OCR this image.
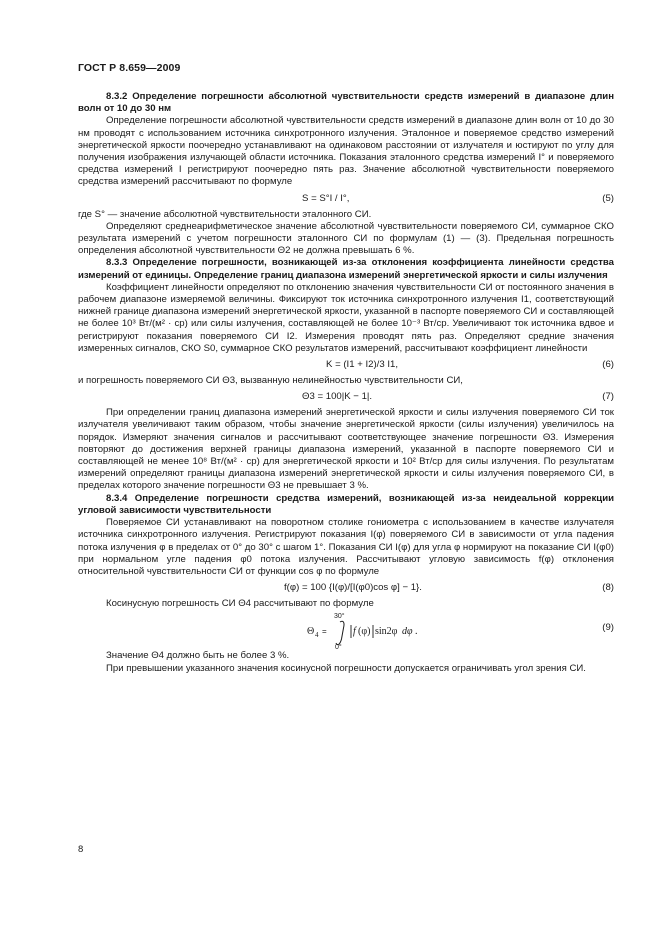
ГОСТ Р 8.659—2009

8.3.2 Определение погрешности абсолютной чувствительности средств измерений в диапазоне длин волн от 10 до 30 нм

Определение погрешности абсолютной чувствительности средств измерений в диапазоне длин волн от 10 до 30 нм проводят с использованием источника синхротронного излучения. Эталонное и поверяемое средство измерений энергетической яркости поочередно устанавливают на одинаковом расстоянии от излучателя и юстируют по углу для получения изображения излучающей области источника. Показания эталонного средства измерений I° и поверяемого средства измерений I регистрируют поочередно пять раз. Значение абсолютной чувствительности поверяемого средства измерений рассчитывают по формуле

S = S°I / I°,	(5)

где S° — значение абсолютной чувствительности эталонного СИ.

Определяют среднеарифметическое значение абсолютной чувствительности поверяемого СИ, суммарное СКО результата измерений с учетом погрешности эталонного СИ по формулам (1) — (3). Предельная погрешность определения абсолютной чувствительности Θ2 не должна превышать 6 %.

8.3.3 Определение погрешности, возникающей из-за отклонения коэффициента линейности средства измерений от единицы. Определение границ диапазона измерений энергетической яркости и силы излучения

Коэффициент линейности определяют по отклонению значения чувствительности СИ от постоянного значения в рабочем диапазоне измеряемой величины. Фиксируют ток источника синхротронного излучения I1, соответствующий нижней границе диапазона измерений энергетической яркости, указанной в паспорте поверяемого СИ и составляющей не более 10³ Вт/(м² · ср) или силы излучения, составляющей не более 10⁻³ Вт/ср. Увеличивают ток источника вдвое и регистрируют показания поверяемого СИ I2. Измерения проводят пять раз. Определяют средние значения измеренных сигналов, СКО S0, суммарное СКО результатов измерений, рассчитывают коэффициент линейности

K = (I1 + I2)/3 I1,	(6)

и погрешность поверяемого СИ Θ3, вызванную нелинейностью чувствительности СИ,

Θ3 = 100|K − 1|.	(7)

При определении границ диапазона измерений энергетической яркости и силы излучения поверяемого СИ ток излучателя увеличивают таким образом, чтобы значение энергетической яркости (силы излучения) увеличилось на порядок. Измеряют значения сигналов и рассчитывают соответствующее значение погрешности Θ3. Измерения повторяют до достижения верхней границы диапазона измерений, указанной в паспорте поверяемого СИ и составляющей не менее 10⁸ Вт/(м² · ср) для энергетической яркости и 10² Вт/ср для силы излучения. По результатам измерений определяют границы диапазона измерений энергетической яркости и силы излучения поверяемого СИ, в пределах которого значение погрешности Θ3 не превышает 3 %.

8.3.4 Определение погрешности средства измерений, возникающей из-за неидеальной коррекции угловой зависимости чувствительности

Поверяемое СИ устанавливают на поворотном столике гониометра с использованием в качестве излучателя источника синхротронного излучения. Регистрируют показания I(φ) поверяемого СИ в зависимости от угла падения потока излучения φ в пределах от 0° до 30° с шагом 1°. Показания СИ I(φ) для угла φ нормируют на показание СИ I(φ0) при нормальном угле падения φ0 потока излучения. Рассчитывают угловую зависимость f(φ) отклонения относительной чувствительности СИ от функции cos φ по формуле

f(φ) = 100 {I(φ)/[I(φ0)cos φ] − 1}.	(8)

Косинусную погрешность СИ Θ4 рассчитывают по формуле

Θ 4 =
30°
0°
f (φ) sin2φ dφ .	(9)

Значение Θ4 должно быть не более 3 %.

При превышении указанного значения косинусной погрешности допускается ограничивать угол зрения СИ.

8
